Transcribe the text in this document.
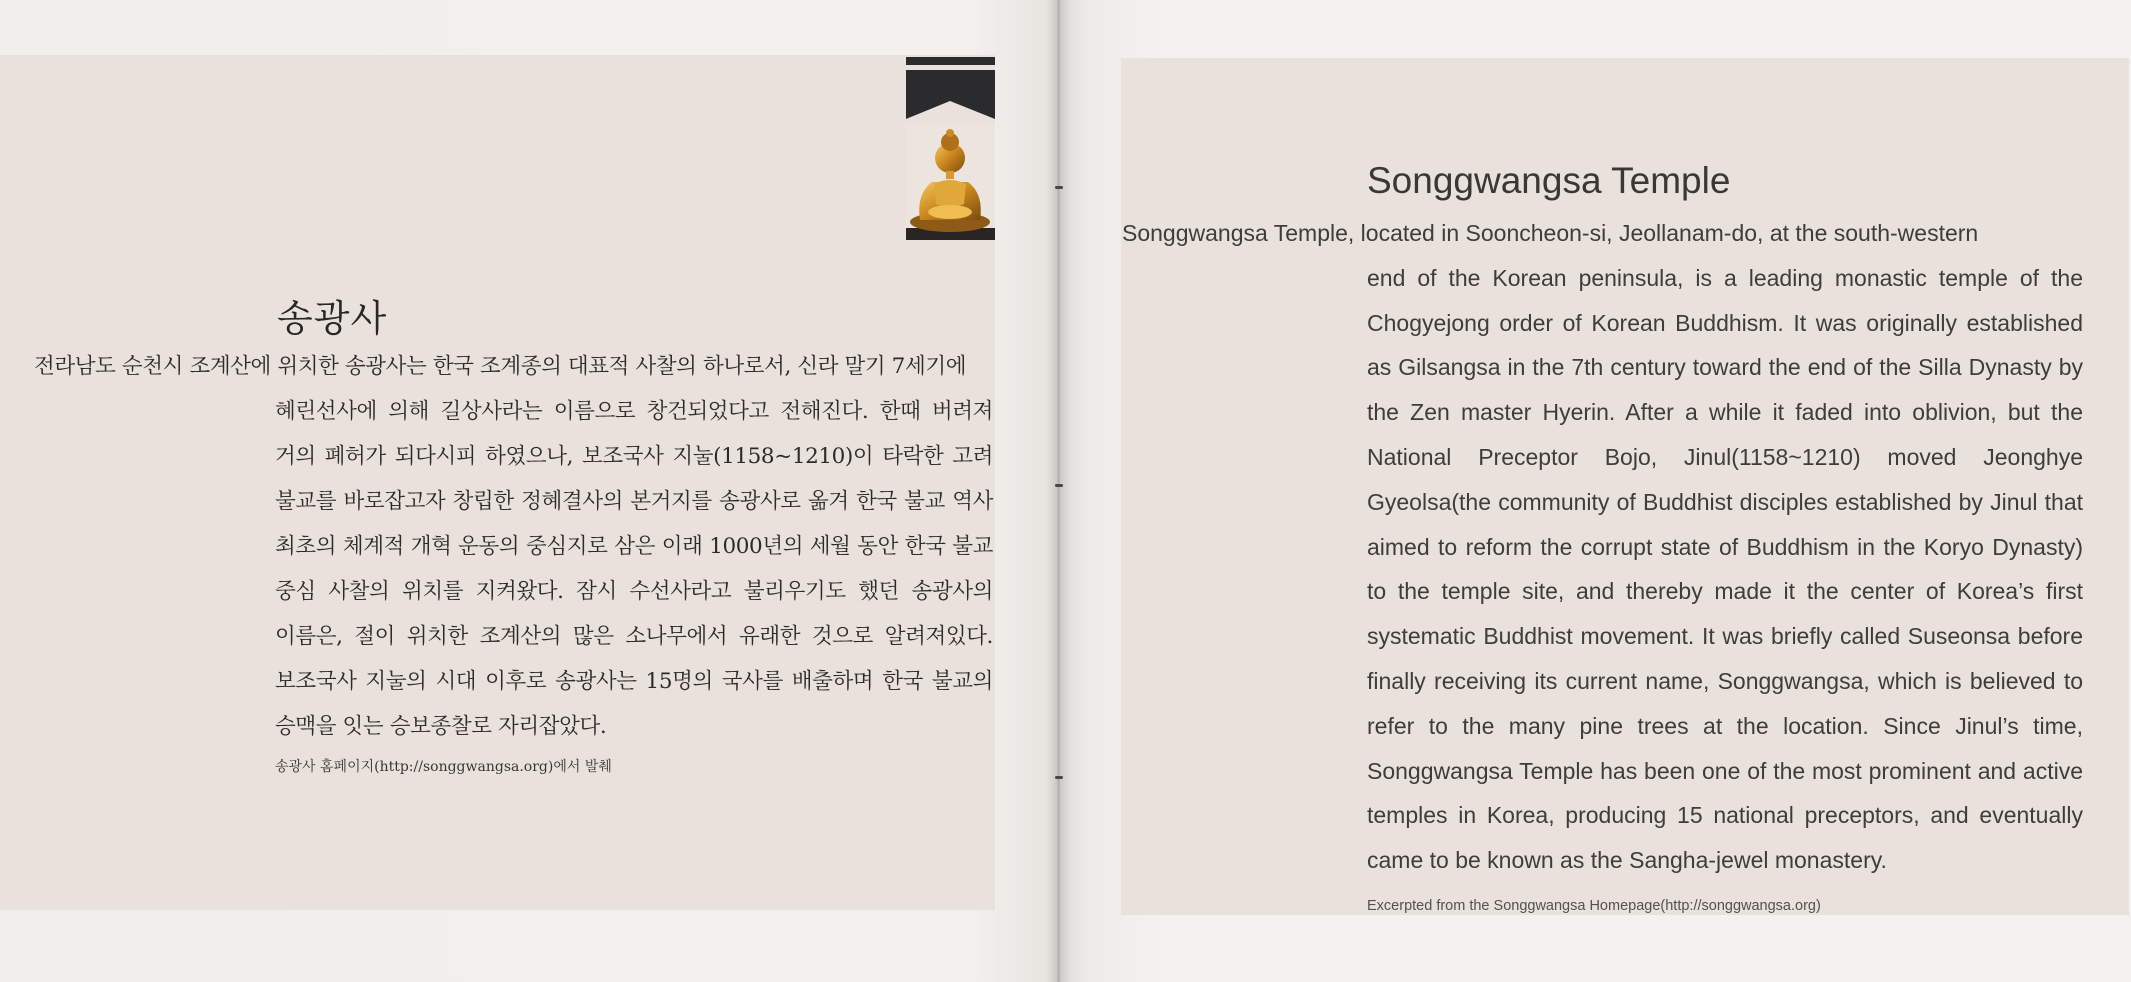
송광사

전라남도 순천시 조계산에 위치한 송광사는 한국 조계종의 대표적 사찰의 하나로서, 신라 말기 7세기에
혜린선사에 의해 길상사라는 이름으로 창건되었다고 전해진다. 한때 버려져 거의 폐허가 되다시피 하였으나, 보조국사 지눌(1158~1210)이 타락한 고려 불교를 바로잡고자 창립한 정혜결사의 본거지를 송광사로 옮겨 한국 불교 역사 최초의 체계적 개혁 운동의 중심지로 삼은 이래 1000년의 세월 동안 한국 불교 중심 사찰의 위치를 지켜왔다. 잠시 수선사라고 불리우기도 했던 송광사의 이름은, 절이 위치한 조계산의 많은 소나무에서 유래한 것으로 알려져있다. 보조국사 지눌의 시대 이후로 송광사는 15명의 국사를 배출하며 한국 불교의 승맥을 잇는 승보종찰로 자리잡았다.

송광사 홈페이지(http://songgwangsa.org)에서 발췌

Songgwangsa Temple

Songgwangsa Temple, located in Sooncheon-si, Jeollanam-do, at the south-western
end of the Korean peninsula, is a leading monastic temple of the Chogyejong order of Korean Buddhism. It was originally established as Gilsangsa in the 7th century toward the end of the Silla Dynasty by the Zen master Hyerin. After a while it faded into oblivion, but the National Preceptor Bojo, Jinul(1158~1210) moved Jeonghye Gyeolsa(the community of Buddhist disciples established by Jinul that aimed to reform the corrupt state of Buddhism in the Koryo Dynasty) to the temple site, and thereby made it the center of Korea’s first systematic Buddhist movement. It was briefly called Suseonsa before finally receiving its current name, Songgwangsa, which is believed to refer to the many pine trees at the location. Since Jinul’s time, Songgwangsa Temple has been one of the most prominent and active temples in Korea, producing 15 national preceptors, and eventually came to be known as the Sangha-jewel monastery.

Excerpted from the Songgwangsa Homepage(http://songgwangsa.org)
